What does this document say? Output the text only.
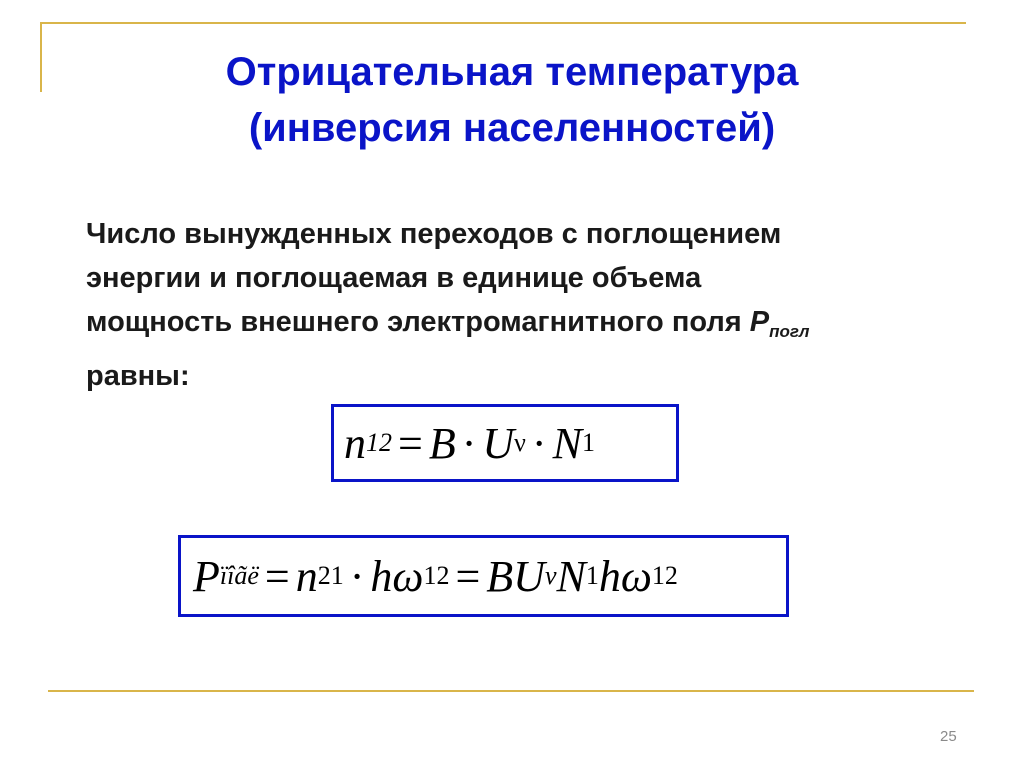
Отрицательная температура
(инверсия населенностей)
Число вынужденных переходов с поглощением
энергии и поглощаемая в единице объема
мощность внешнего электромагнитного поля $P_{погл}$
равны:
n 12 = B · U ν · N 1
P ïîãë = n 21 · h ω 12 = BU ν N 1 h ω 12
25
